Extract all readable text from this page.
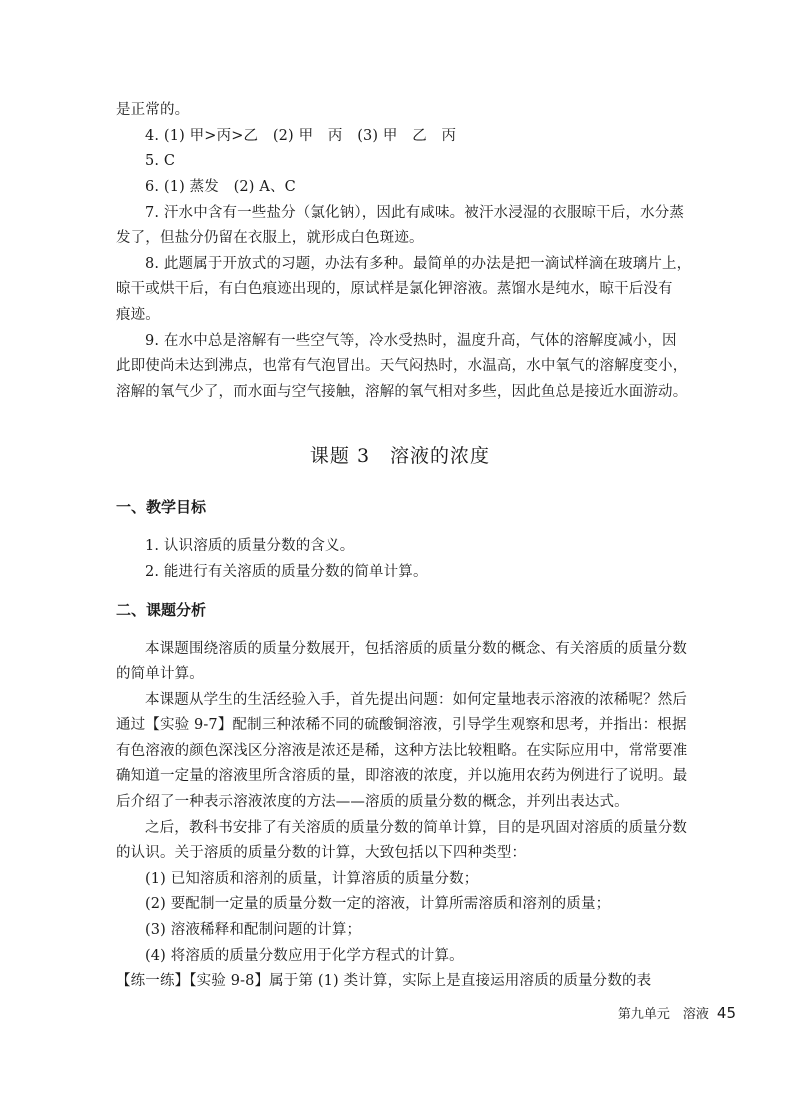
是正常的。
4. (1) 甲>丙>乙　(2) 甲　丙　(3) 甲　乙　丙
5. C
6. (1) 蒸发　(2) A、C
7. 汗水中含有一些盐分（氯化钠），因此有咸味。被汗水浸湿的衣服晾干后，水分蒸
发了，但盐分仍留在衣服上，就形成白色斑迹。
8. 此题属于开放式的习题，办法有多种。最简单的办法是把一滴试样滴在玻璃片上，
晾干或烘干后，有白色痕迹出现的，原试样是氯化钾溶液。蒸馏水是纯水，晾干后没有
痕迹。
9. 在水中总是溶解有一些空气等，冷水受热时，温度升高，气体的溶解度减小，因
此即使尚未达到沸点，也常有气泡冒出。天气闷热时，水温高，水中氧气的溶解度变小，
溶解的氧气少了，而水面与空气接触，溶解的氧气相对多些，因此鱼总是接近水面游动。
课题 3　溶液的浓度
一、教学目标
1. 认识溶质的质量分数的含义。
2. 能进行有关溶质的质量分数的简单计算。
二、课题分析
本课题围绕溶质的质量分数展开，包括溶质的质量分数的概念、有关溶质的质量分数
的简单计算。
本课题从学生的生活经验入手，首先提出问题：如何定量地表示溶液的浓稀呢？然后
通过【实验 9-7】配制三种浓稀不同的硫酸铜溶液，引导学生观察和思考，并指出：根据
有色溶液的颜色深浅区分溶液是浓还是稀，这种方法比较粗略。在实际应用中，常常要准
确知道一定量的溶液里所含溶质的量，即溶液的浓度，并以施用农药为例进行了说明。最
后介绍了一种表示溶液浓度的方法——溶质的质量分数的概念，并列出表达式。
之后，教科书安排了有关溶质的质量分数的简单计算，目的是巩固对溶质的质量分数
的认识。关于溶质的质量分数的计算，大致包括以下四种类型：
(1) 已知溶质和溶剂的质量，计算溶质的质量分数；
(2) 要配制一定量的质量分数一定的溶液，计算所需溶质和溶剂的质量；
(3) 溶液稀释和配制问题的计算；
(4) 将溶质的质量分数应用于化学方程式的计算。
【练一练】【实验 9-8】属于第 (1) 类计算，实际上是直接运用溶质的质量分数的表
第九单元　溶液 45
